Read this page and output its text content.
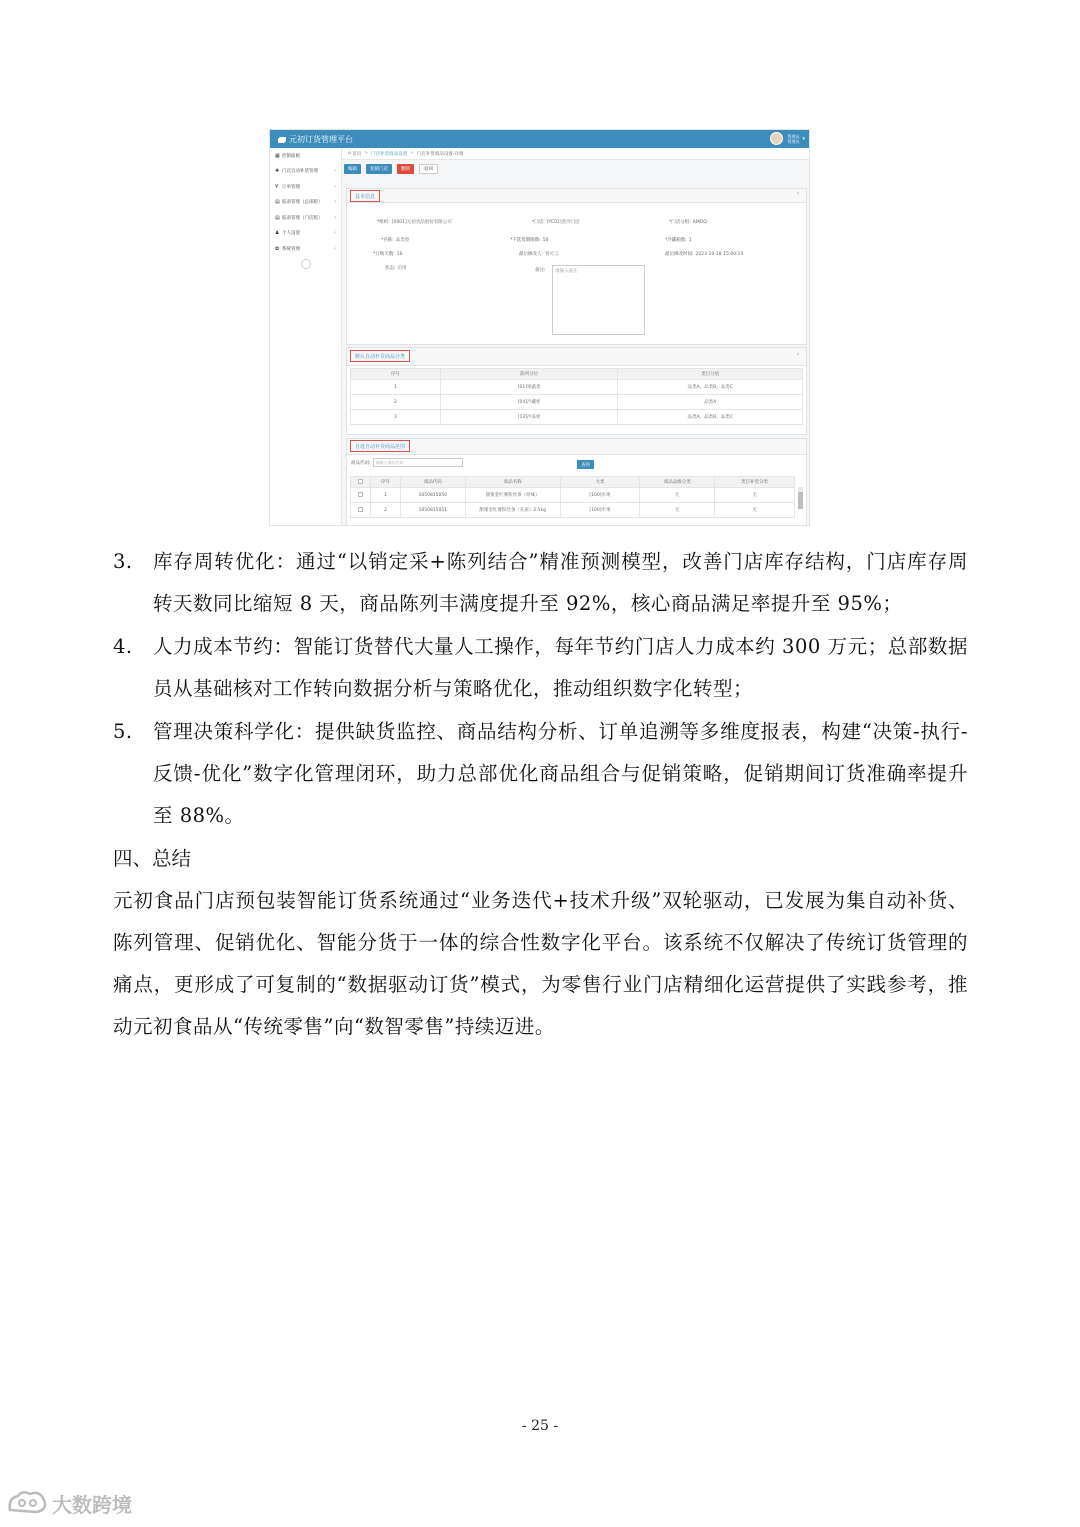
元初订货管理平台	管理员
管理员 ▾
▦ 控制面板
✚ 门店自动补货管理	‹
¥ 订单管理	‹
▤ 报表管理（总部版） ‹
▤ 报表管理（门店版） ‹
♟ 个人设置	‹
✿ 系统管理	‹
⌂ 首页 > 门店补货商品设置 > 门店补货商品设置-详情
编辑	复制门店	删除	返回
基本信息	⌃
*组织: [0001]元初食品股份有限公司	*门店: [YC01]金沙门店	*门店分组: AMOQ
*名称: 品类型	*不选货期限数: 50	*冷藏箱数: 1
*订购天数: 10	最后修改人: 曾可云	最后修改时间: 2023-10-18 15:00:15
状态: 启用	备注:	请输入备注
默认自动补货商品分类	⌃
序号	陈列分位	类目分值
1	[01]果蔬类	品类A、品类B、品类C
2	[04]冷藏柜	品类A
3	[13]冷冻柜	品类A、品类B、品类C
自选自动补货商品范围
商品代码:	请输入商品代码
查询
	序号	商品代码	商品名称	大类	商品品级分类	类目补货分类
	1	1050815050	甜蜜金红薯粉丝条（原味）	[100]水果	无	无
	2	1050815051	甜蜜金红薯粉丝条（孔雀）2.5kg	[100]水果	无	无
3.	库存周转优化：通过“以销定采+陈列结合”精准预测模型，改善门店库存结构，门店库存周转天数同比缩短 8 天，商品陈列丰满度提升至 92%，核心商品满足率提升至 95%；
4.	人力成本节约：智能订货替代大量人工操作，每年节约门店人力成本约 300 万元；总部数据员从基础核对工作转向数据分析与策略优化，推动组织数字化转型；
5.	管理决策科学化：提供缺货监控、商品结构分析、订单追溯等多维度报表，构建“决策-执行-反馈-优化”数字化管理闭环，助力总部优化商品组合与促销策略，促销期间订货准确率提升至 88%。
四、总结
元初食品门店预包装智能订货系统通过“业务迭代+技术升级”双轮驱动，已发展为集自动补货、陈列管理、促销优化、智能分货于一体的综合性数字化平台。该系统不仅解决了传统订货管理的痛点，更形成了可复制的“数据驱动订货”模式，为零售行业门店精细化运营提供了实践参考，推动元初食品从“传统零售”向“数智零售”持续迈进。
- 25 -
大数跨境
